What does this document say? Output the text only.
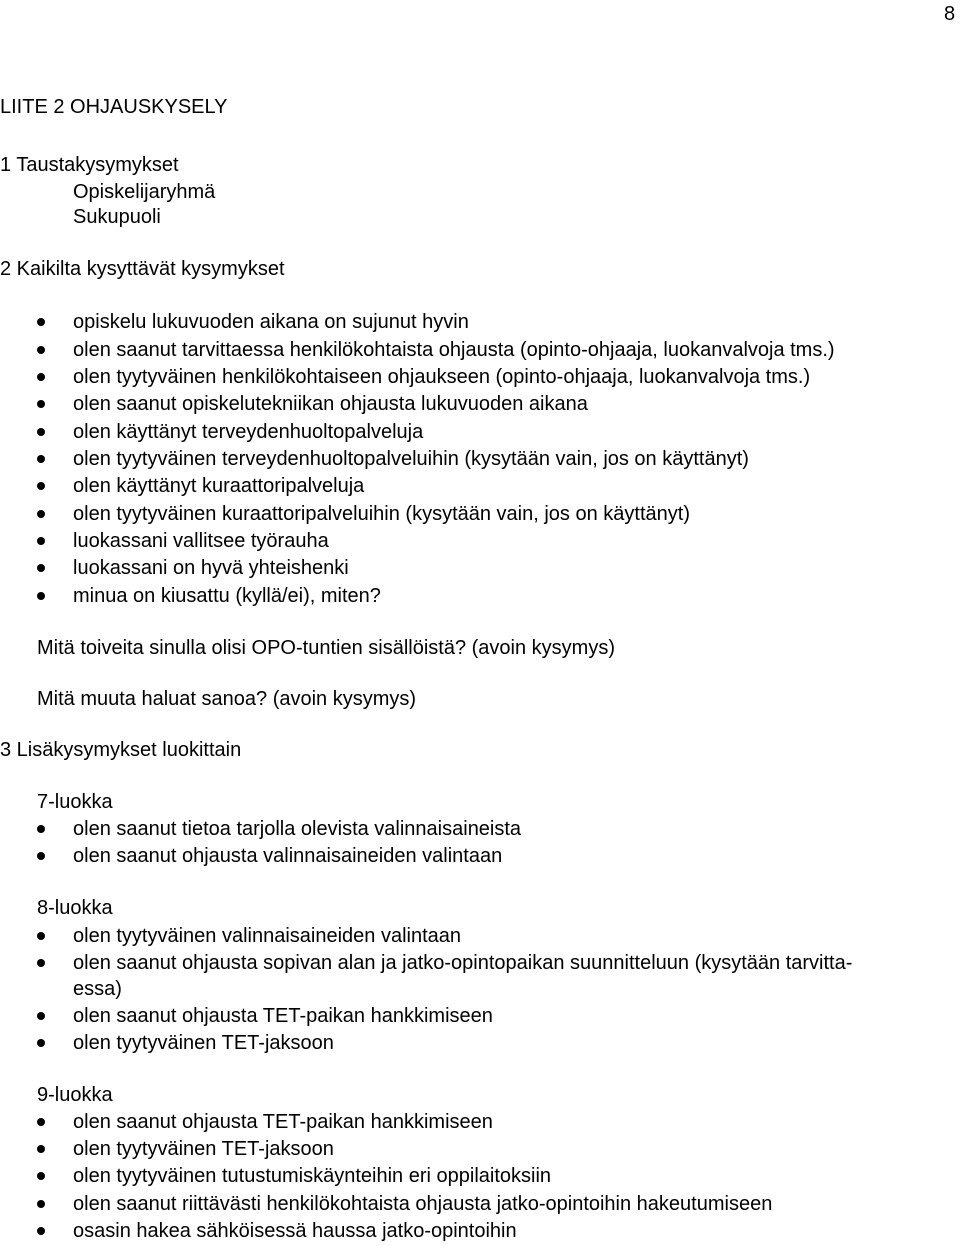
8
LIITE 2 OHJAUSKYSELY
1 Taustakysymykset
Opiskelijaryhmä
Sukupuoli
2 Kaikilta kysyttävät kysymykset
opiskelu lukuvuoden aikana on sujunut hyvin
olen saanut tarvittaessa henkilökohtaista ohjausta (opinto-ohjaaja, luokanvalvoja tms.)
olen tyytyväinen henkilökohtaiseen ohjaukseen (opinto-ohjaaja, luokanvalvoja tms.)
olen saanut opiskelutekniikan ohjausta lukuvuoden aikana
olen käyttänyt terveydenhuoltopalveluja
olen tyytyväinen terveydenhuoltopalveluihin (kysytään vain, jos on käyttänyt)
olen käyttänyt kuraattoripalveluja
olen tyytyväinen kuraattoripalveluihin (kysytään vain, jos on käyttänyt)
luokassani vallitsee työrauha
luokassani on hyvä yhteishenki
minua on kiusattu (kyllä/ei), miten?
Mitä toiveita sinulla olisi OPO-tuntien sisällöistä? (avoin kysymys)
Mitä muuta haluat sanoa? (avoin kysymys)
3 Lisäkysymykset luokittain
7-luokka
olen saanut tietoa tarjolla olevista valinnaisaineista
olen saanut ohjausta valinnaisaineiden valintaan
8-luokka
olen tyytyväinen valinnaisaineiden valintaan
olen saanut ohjausta sopivan alan ja jatko-opintopaikan suunnitteluun (kysytään tarvitta-
essa)
olen saanut ohjausta TET-paikan hankkimiseen
olen tyytyväinen TET-jaksoon
9-luokka
olen saanut ohjausta TET-paikan hankkimiseen
olen tyytyväinen TET-jaksoon
olen tyytyväinen tutustumiskäynteihin eri oppilaitoksiin
olen saanut riittävästi henkilökohtaista ohjausta jatko-opintoihin hakeutumiseen
osasin hakea sähköisessä haussa jatko-opintoihin
